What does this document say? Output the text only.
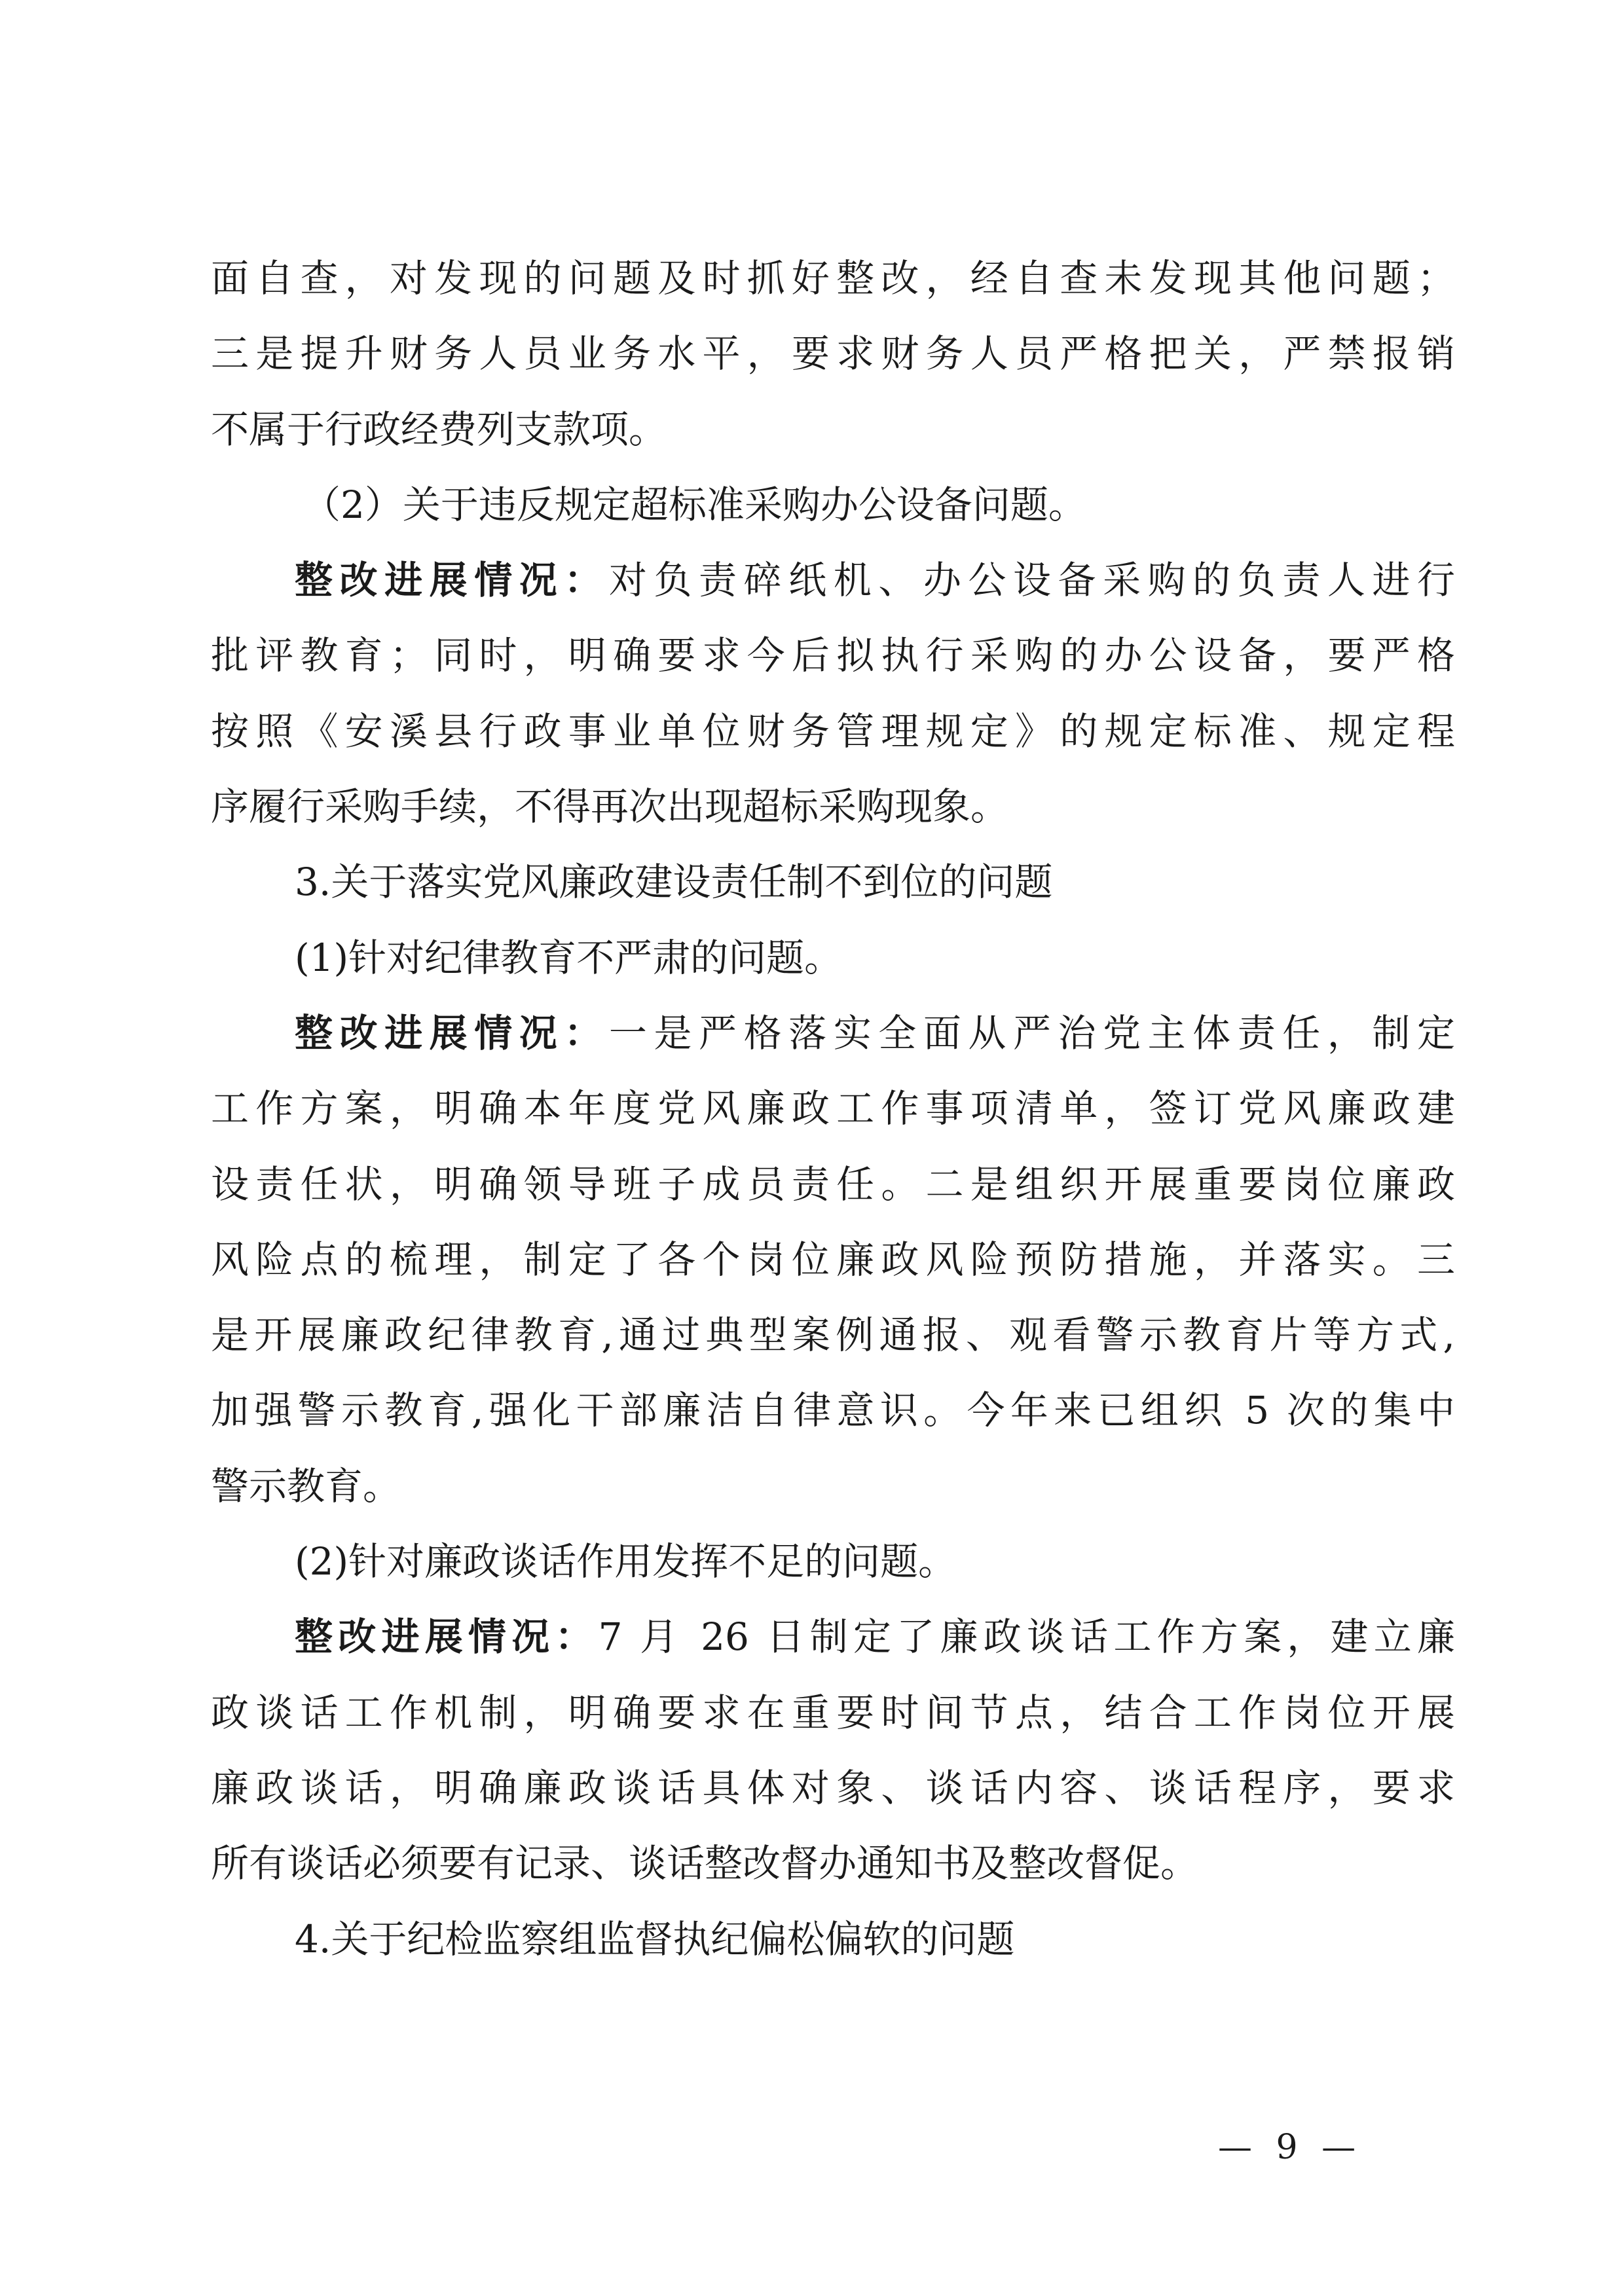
面自查，对发现的问题及时抓好整改，经自查未发现其他问题；
三是提升财务人员业务水平，要求财务人员严格把关，严禁报销
不属于行政经费列支款项。
（2）关于违反规定超标准采购办公设备问题。
整改进展情况：对负责碎纸机、办公设备采购的负责人进行
批评教育；同时，明确要求今后拟执行采购的办公设备，要严格
按照《安溪县行政事业单位财务管理规定》的规定标准、规定程
序履行采购手续，不得再次出现超标采购现象。
3.关于落实党风廉政建设责任制不到位的问题
(1)针对纪律教育不严肃的问题。
整改进展情况：一是严格落实全面从严治党主体责任，制定
工作方案，明确本年度党风廉政工作事项清单，签订党风廉政建
设责任状，明确领导班子成员责任。二是组织开展重要岗位廉政
风险点的梳理，制定了各个岗位廉政风险预防措施，并落实。三
是开展廉政纪律教育,通过典型案例通报、观看警示教育片等方式,
加强警示教育,强化干部廉洁自律意识。今年来已组织 5 次的集中
警示教育。
(2)针对廉政谈话作用发挥不足的问题。
整改进展情况：7 月 26 日制定了廉政谈话工作方案，建立廉
政谈话工作机制，明确要求在重要时间节点，结合工作岗位开展
廉政谈话，明确廉政谈话具体对象、谈话内容、谈话程序，要求
所有谈话必须要有记录、谈话整改督办通知书及整改督促。
4.关于纪检监察组监督执纪偏松偏软的问题
— 9 —
